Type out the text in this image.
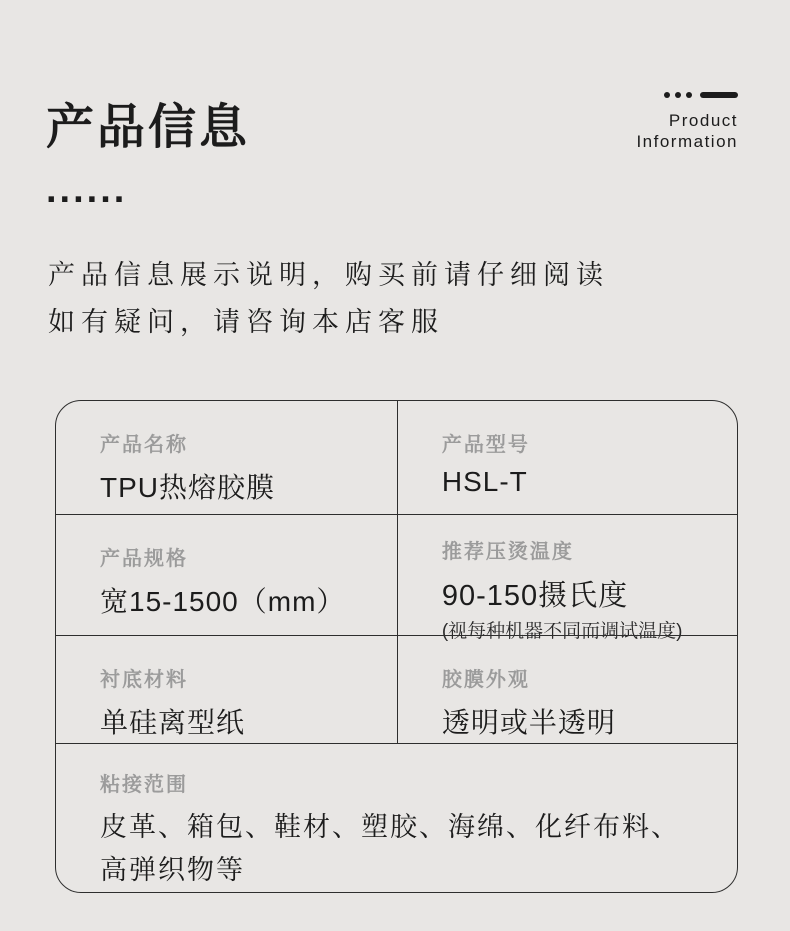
产品信息	Product
Information
......
产品信息展示说明，购买前请仔细阅读
如有疑问，请咨询本店客服
产品名称
TPU热熔胶膜
产品型号
HSL-T
产品规格
宽15-1500（mm）
推荐压烫温度
90-150摄氏度
(视每种机器不同而调试温度)
衬底材料
单硅离型纸
胶膜外观
透明或半透明
粘接范围
皮革、箱包、鞋材、塑胶、海绵、化纤布料、
高弹织物等
